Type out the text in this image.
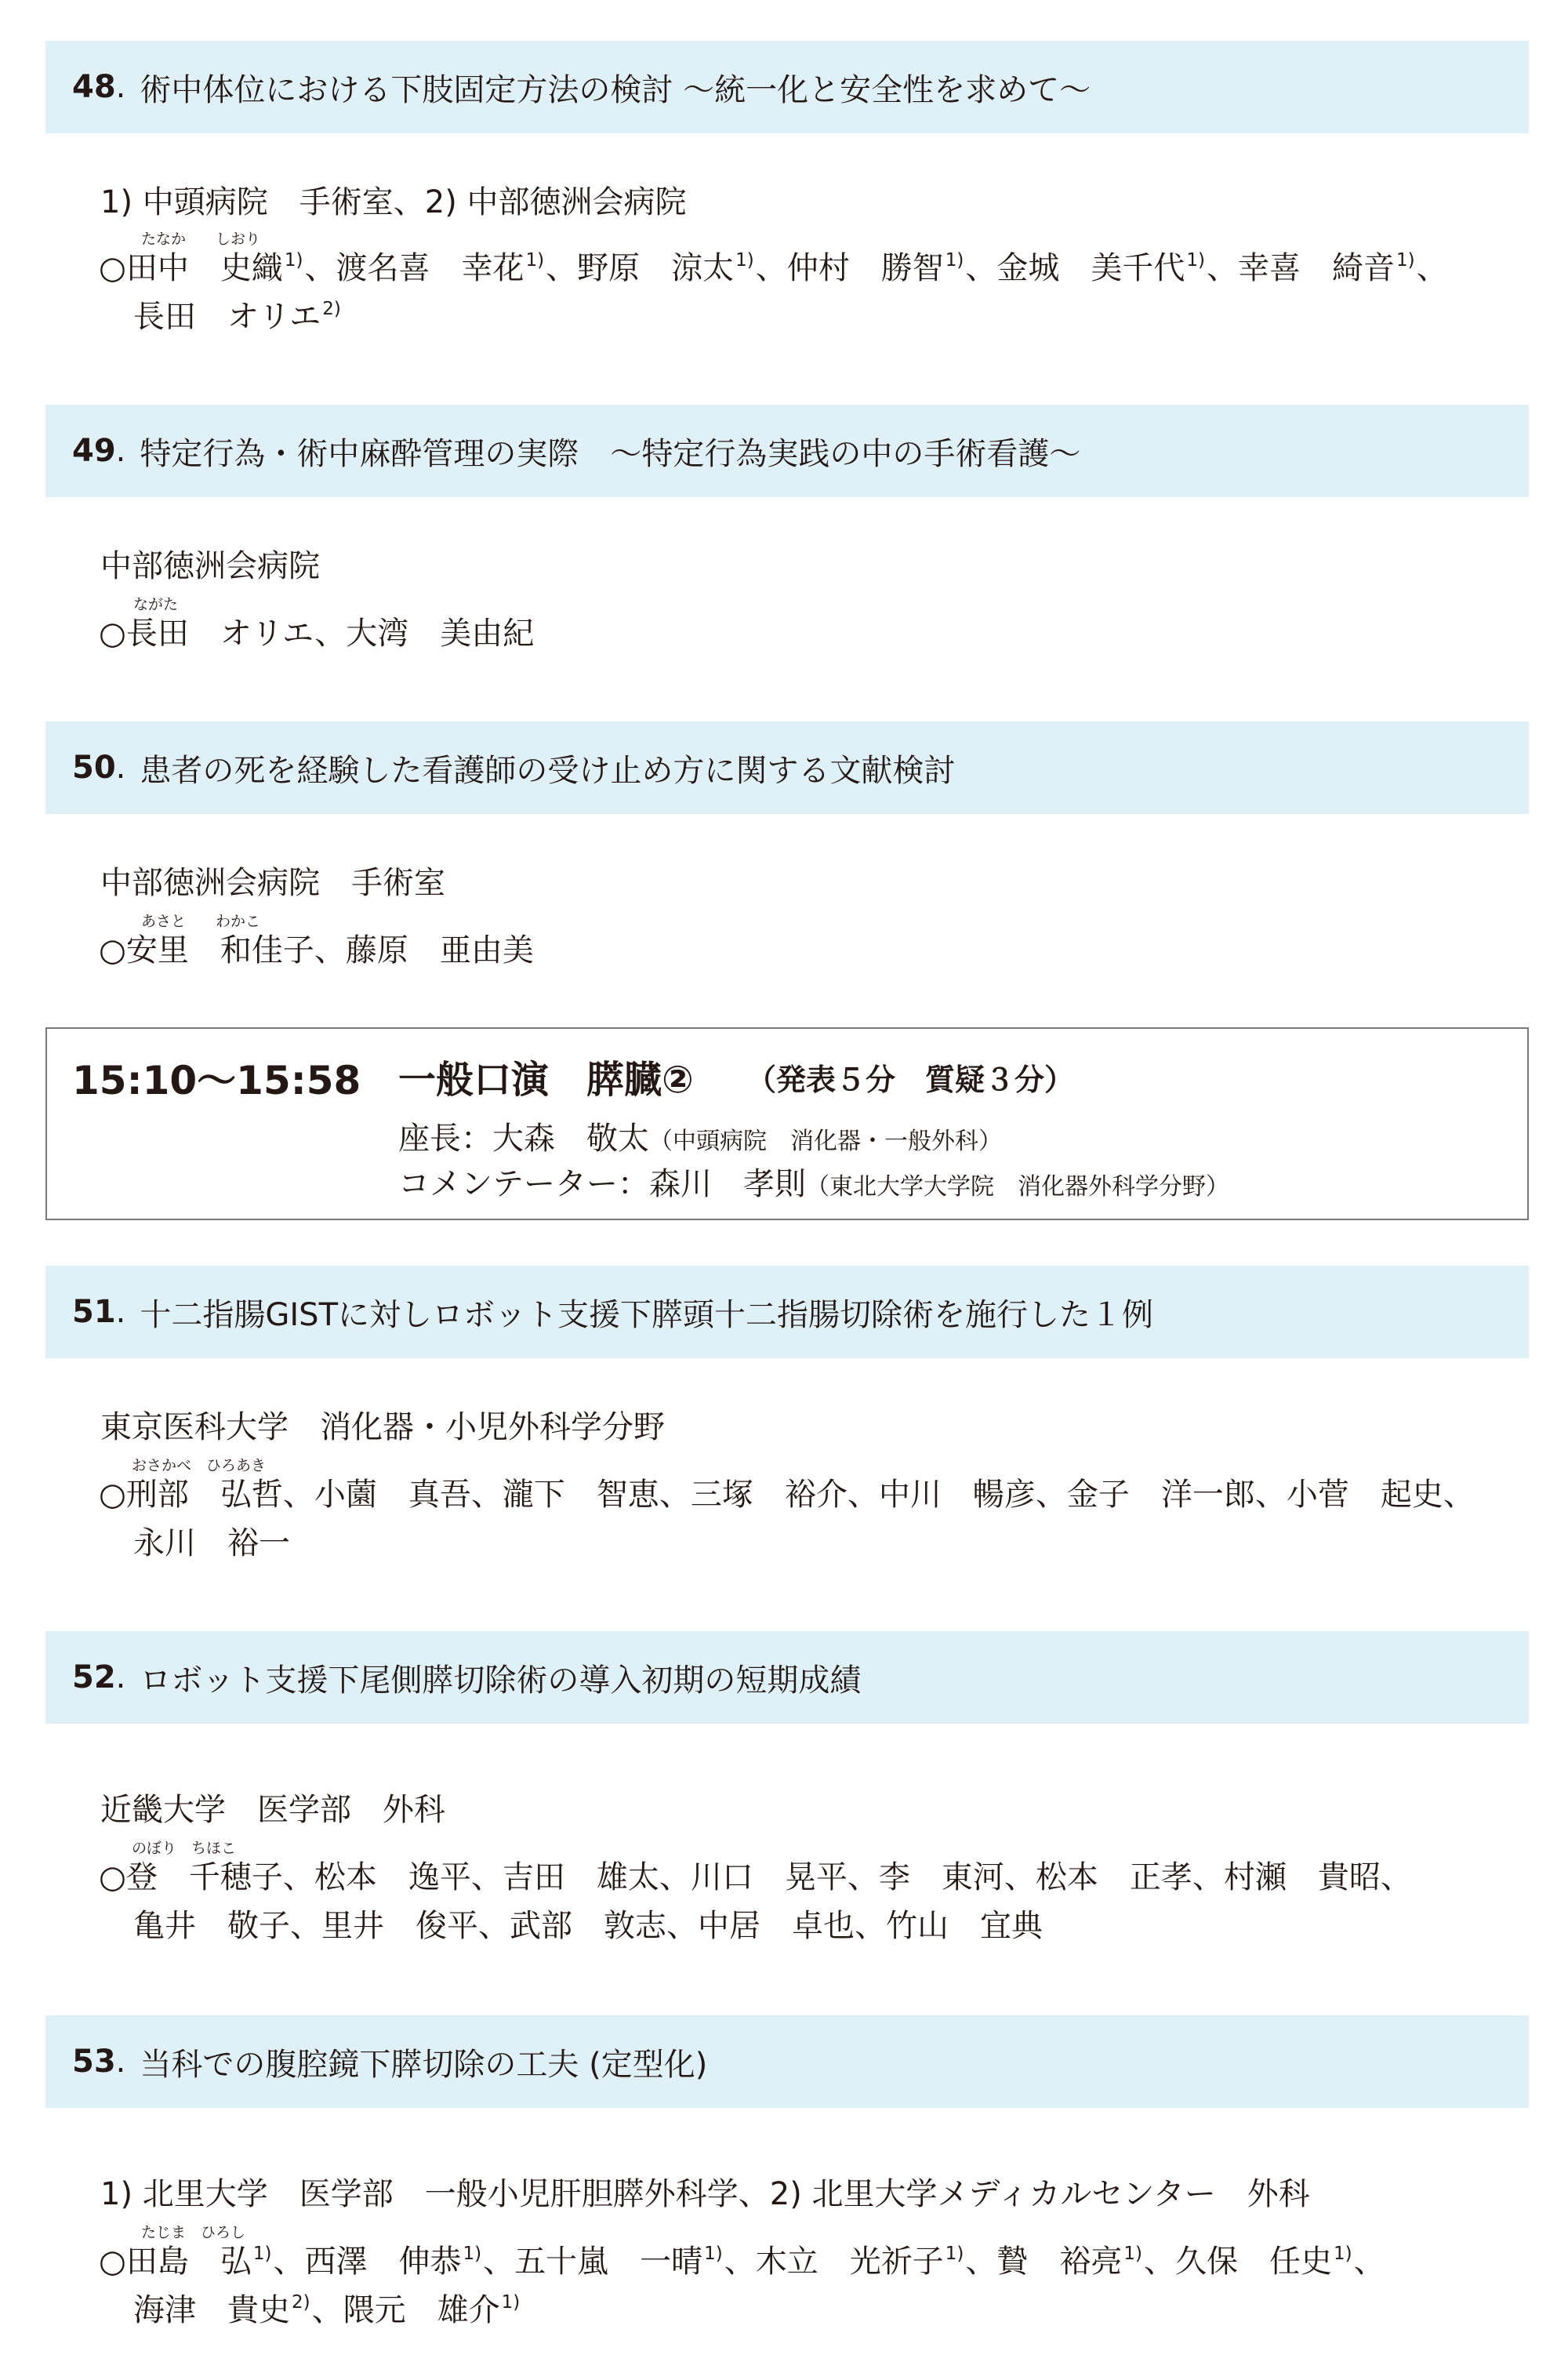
48 . 術中体位における下肢固定方法の検討 ～統一化と安全性を求めて～
1) 中頭病院　手術室、2) 中部徳洲会病院
たなか　　しおり
○田中　史織$^{1)}$、渡名喜　幸花$^{1)}$、野原　涼太$^{1)}$、仲村　勝智$^{1)}$、金城　美千代$^{1)}$、幸喜　綺音$^{1)}$、
長田　オリエ$^{2)}$
49 . 特定行為・術中麻酔管理の実際　～特定行為実践の中の手術看護～
中部徳洲会病院
ながた
○長田　オリエ、大湾　美由紀
50 . 患者の死を経験した看護師の受け止め方に関する文献検討
中部徳洲会病院　手術室
あさと　　わかこ
○安里　和佳子、藤原　亜由美
15:10～15:58 一般口演　膵臓② （発表５分　質疑３分）
座長：大森　敬太（中頭病院　消化器・一般外科）
コメンテーター：森川　孝則（東北大学大学院　消化器外科学分野）
51 . 十二指腸GISTに対しロボット支援下膵頭十二指腸切除術を施行した１例
東京医科大学　消化器・小児外科学分野
おさかべ　ひろあき
○刑部　弘哲、小薗　真吾、瀧下　智恵、三塚　裕介、中川　暢彦、金子　洋一郎、小菅　起史、
永川　裕一
52 . ロボット支援下尾側膵切除術の導入初期の短期成績
近畿大学　医学部　外科
のぼり　ちほこ
○登　千穂子、松本　逸平、吉田　雄太、川口　晃平、李　東河、松本　正孝、村瀬　貴昭、
亀井　敬子、里井　俊平、武部　敦志、中居　卓也、竹山　宜典
53 . 当科での腹腔鏡下膵切除の工夫 (定型化)
1) 北里大学　医学部　一般小児肝胆膵外科学、2) 北里大学メディカルセンター　外科
たじま　ひろし
○田島　弘$^{1)}$、西澤　伸恭$^{1)}$、五十嵐　一晴$^{1)}$、木立　光祈子$^{1)}$、贄　裕亮$^{1)}$、久保　任史$^{1)}$、
海津　貴史$^{2)}$、隈元　雄介$^{1)}$
